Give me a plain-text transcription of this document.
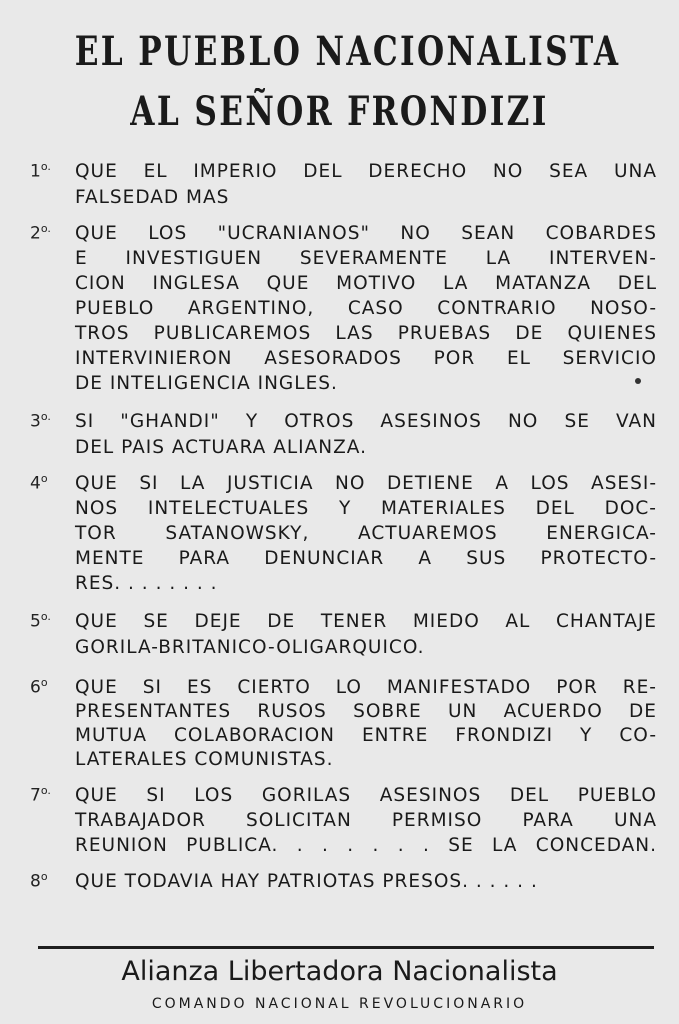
EL PUEBLO NACIONALISTA
AL SEÑOR FRONDIZI
$1^{o.}$ QUE EL IMPERIO DEL DERECHO NO SEA UNA
FALSEDAD MAS
$2^{o.}$ QUE LOS "UCRANIANOS" NO SEAN COBARDES
E INVESTIGUEN SEVERAMENTE LA INTERVEN-
CION INGLESA QUE MOTIVO LA MATANZA DEL
PUEBLO ARGENTINO, CASO CONTRARIO NOSO-
TROS PUBLICAREMOS LAS PRUEBAS DE QUIENES
INTERVINIERON ASESORADOS POR EL SERVICIO
DE INTELIGENCIA INGLES.
$3^{o.}$ SI "GHANDI" Y OTROS ASESINOS NO SE VAN
DEL PAIS ACTUARA ALIANZA.
4$^o$ QUE SI LA JUSTICIA NO DETIENE A LOS ASESI-
NOS INTELECTUALES Y MATERIALES DEL DOC-
TOR SATANOWSKY, ACTUAREMOS ENERGICA-
MENTE PARA DENUNCIAR A SUS PROTECTO-
RES. . . . . . . .
$5^{o.}$ QUE SE DEJE DE TENER MIEDO AL CHANTAJE
GORILA-BRITANICO-OLIGARQUICO.
6$^o$ QUE SI ES CIERTO LO MANIFESTADO POR RE-
PRESENTANTES RUSOS SOBRE UN ACUERDO DE
MUTUA COLABORACION ENTRE FRONDIZI Y CO-
LATERALES COMUNISTAS.
$7^{o.}$ QUE SI LOS GORILAS ASESINOS DEL PUEBLO
TRABAJADOR SOLICITAN PERMISO PARA UNA
REUNION PUBLICA. . . . . . . SE LA CONCEDAN.
8$^o$ QUE TODAVIA HAY PATRIOTAS PRESOS. . . . . .
Alianza Libertadora Nacionalista
COMANDO NACIONAL REVOLUCIONARIO
